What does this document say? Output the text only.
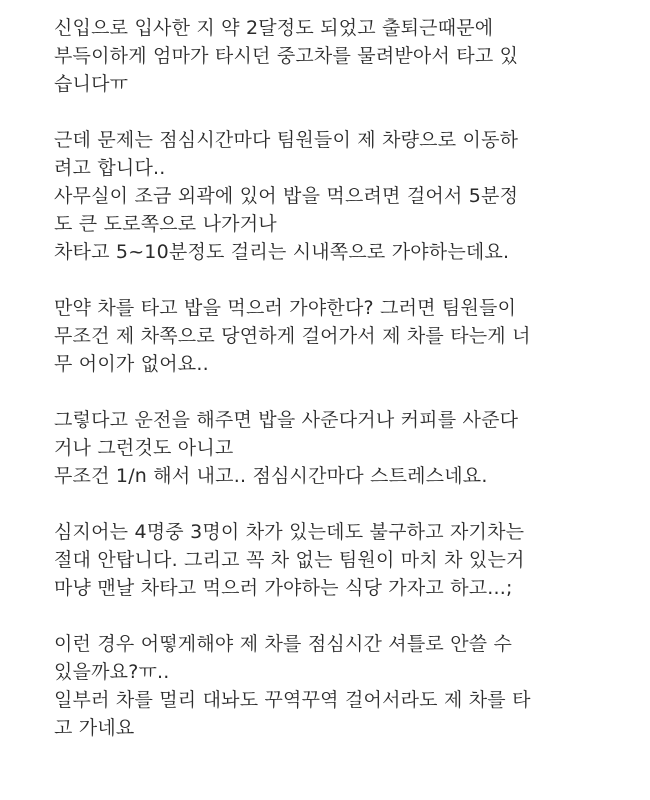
신입으로 입사한 지 약 2달정도 되었고 출퇴근때문에
부득이하게 엄마가 타시던 중고차를 물려받아서 타고 있
습니다ㅠ
근데 문제는 점심시간마다 팀원들이 제 차량으로 이동하
려고 합니다..
사무실이 조금 외곽에 있어 밥을 먹으려면 걸어서 5분정
도 큰 도로쪽으로 나가거나
차타고 5~10분정도 걸리는 시내쪽으로 가야하는데요.
만약 차를 타고 밥을 먹으러 가야한다? 그러면 팀원들이
무조건 제 차쪽으로 당연하게 걸어가서 제 차를 타는게 너
무 어이가 없어요..
그렇다고 운전을 해주면 밥을 사준다거나 커피를 사준다
거나 그런것도 아니고
무조건 1/n 해서 내고.. 점심시간마다 스트레스네요.
심지어는 4명중 3명이 차가 있는데도 불구하고 자기차는
절대 안탑니다. 그리고 꼭 차 없는 팀원이 마치 차 있는거
마냥 맨날 차타고 먹으러 가야하는 식당 가자고 하고...;
이런 경우 어떻게해야 제 차를 점심시간 셔틀로 안쓸 수
있을까요?ㅠ..
일부러 차를 멀리 대놔도 꾸역꾸역 걸어서라도 제 차를 타
고 가네요
